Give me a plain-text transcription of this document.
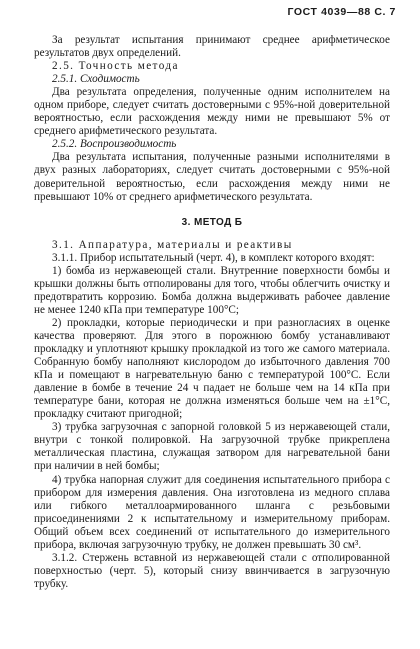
ГОСТ 4039—88 С. 7

За результат испытания принимают среднее арифметическое результатов двух определений.

2.5. Точность метода

2.5.1. Сходимость

Два результата определения, полученные одним исполнителем на одном приборе, следует считать достоверными с 95%-ной доверительной вероятностью, если расхождения между ними не превышают 5% от среднего арифметического результата.

2.5.2. Воспроизводимость

Два результата испытания, полученные разными исполнителями в двух разных лабораториях, следует считать достоверными с 95%-ной доверительной вероятностью, если расхождения между ними не превышают 10% от среднего арифметического результата.

3. МЕТОД Б

3.1. Аппаратура, материалы и реактивы

3.1.1. Прибор испытательный (черт. 4), в комплект которого входят:

1) бомба из нержавеющей стали. Внутренние поверхности бомбы и крышки должны быть отполированы для того, чтобы облегчить очистку и предотвратить коррозию. Бомба должна выдерживать рабочее давление не менее 1240 кПа при температуре 100°С;

2) прокладки, которые периодически и при разногласиях в оценке качества проверяют. Для этого в порожнюю бомбу устанавливают прокладку и уплотняют крышку прокладкой из того же самого материала. Собранную бомбу наполняют кислородом до избыточного давления 700 кПа и помещают в нагревательную баню с температурой 100°С. Если давление в бомбе в течение 24 ч падает не больше чем на 14 кПа при температуре бани, которая не должна изменяться больше чем на ±1°С, прокладку считают пригодной;

3) трубка загрузочная с запорной головкой 5 из нержавеющей стали, внутри с тонкой полировкой. На загрузочной трубке прикреплена металлическая пластина, служащая затвором для нагревательной бани при наличии в ней бомбы;

4) трубка напорная служит для соединения испытательного прибора с прибором для измерения давления. Она изготовлена из медного сплава или гибкого металлоармированного шланга с резьбовыми присоединениями 2 к испытательному и измерительному приборам. Общий объем всех соединений от испытательного до измерительного прибора, включая загрузочную трубку, не должен превышать 30 см³.

3.1.2. Стержень вставной из нержавеющей стали с отполированной поверхностью (черт. 5), который снизу ввинчивается в загрузочную трубку.
